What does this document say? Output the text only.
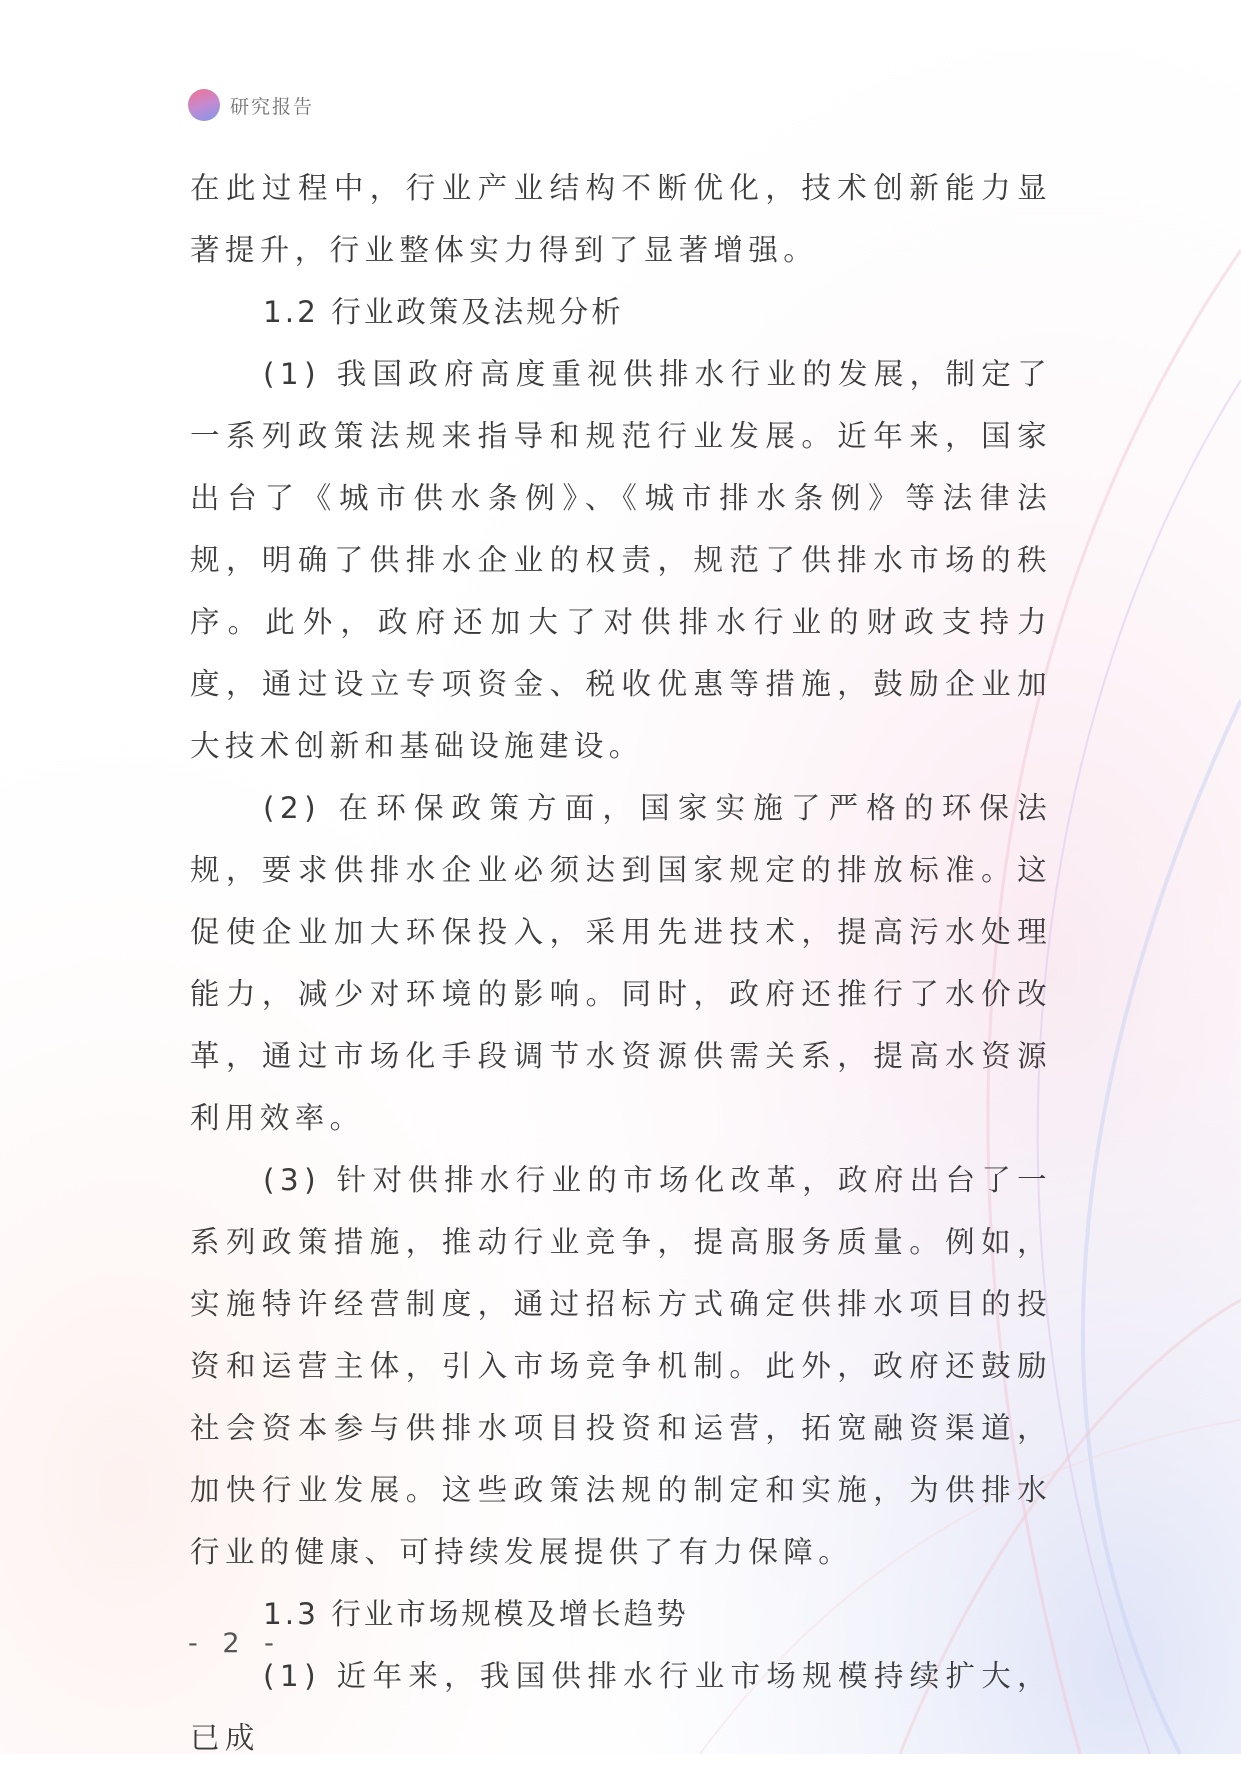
研究报告

在此过程中，行业产业结构不断优化，技术创新能力显著提升，行业整体实力得到了显著增强。

1.2 行业政策及法规分析

(1) 我国政府高度重视供排水行业的发展，制定了一系列政策法规来指导和规范行业发展。近年来，国家出台了《城市供水条例》、《城市排水条例》等法律法规，明确了供排水企业的权责，规范了供排水市场的秩序。此外，政府还加大了对供排水行业的财政支持力度，通过设立专项资金、税收优惠等措施，鼓励企业加大技术创新和基础设施建设。

(2) 在环保政策方面，国家实施了严格的环保法规，要求供排水企业必须达到国家规定的排放标准。这促使企业加大环保投入，采用先进技术，提高污水处理能力，减少对环境的影响。同时，政府还推行了水价改革，通过市场化手段调节水资源供需关系，提高水资源利用效率。

(3) 针对供排水行业的市场化改革，政府出台了一系列政策措施，推动行业竞争，提高服务质量。例如，实施特许经营制度，通过招标方式确定供排水项目的投资和运营主体，引入市场竞争机制。此外，政府还鼓励社会资本参与供排水项目投资和运营，拓宽融资渠道，加快行业发展。这些政策法规的制定和实施，为供排水行业的健康、可持续发展提供了有力保障。

1.3 行业市场规模及增长趋势

(1) 近年来，我国供排水行业市场规模持续扩大，已成

- 2 -
